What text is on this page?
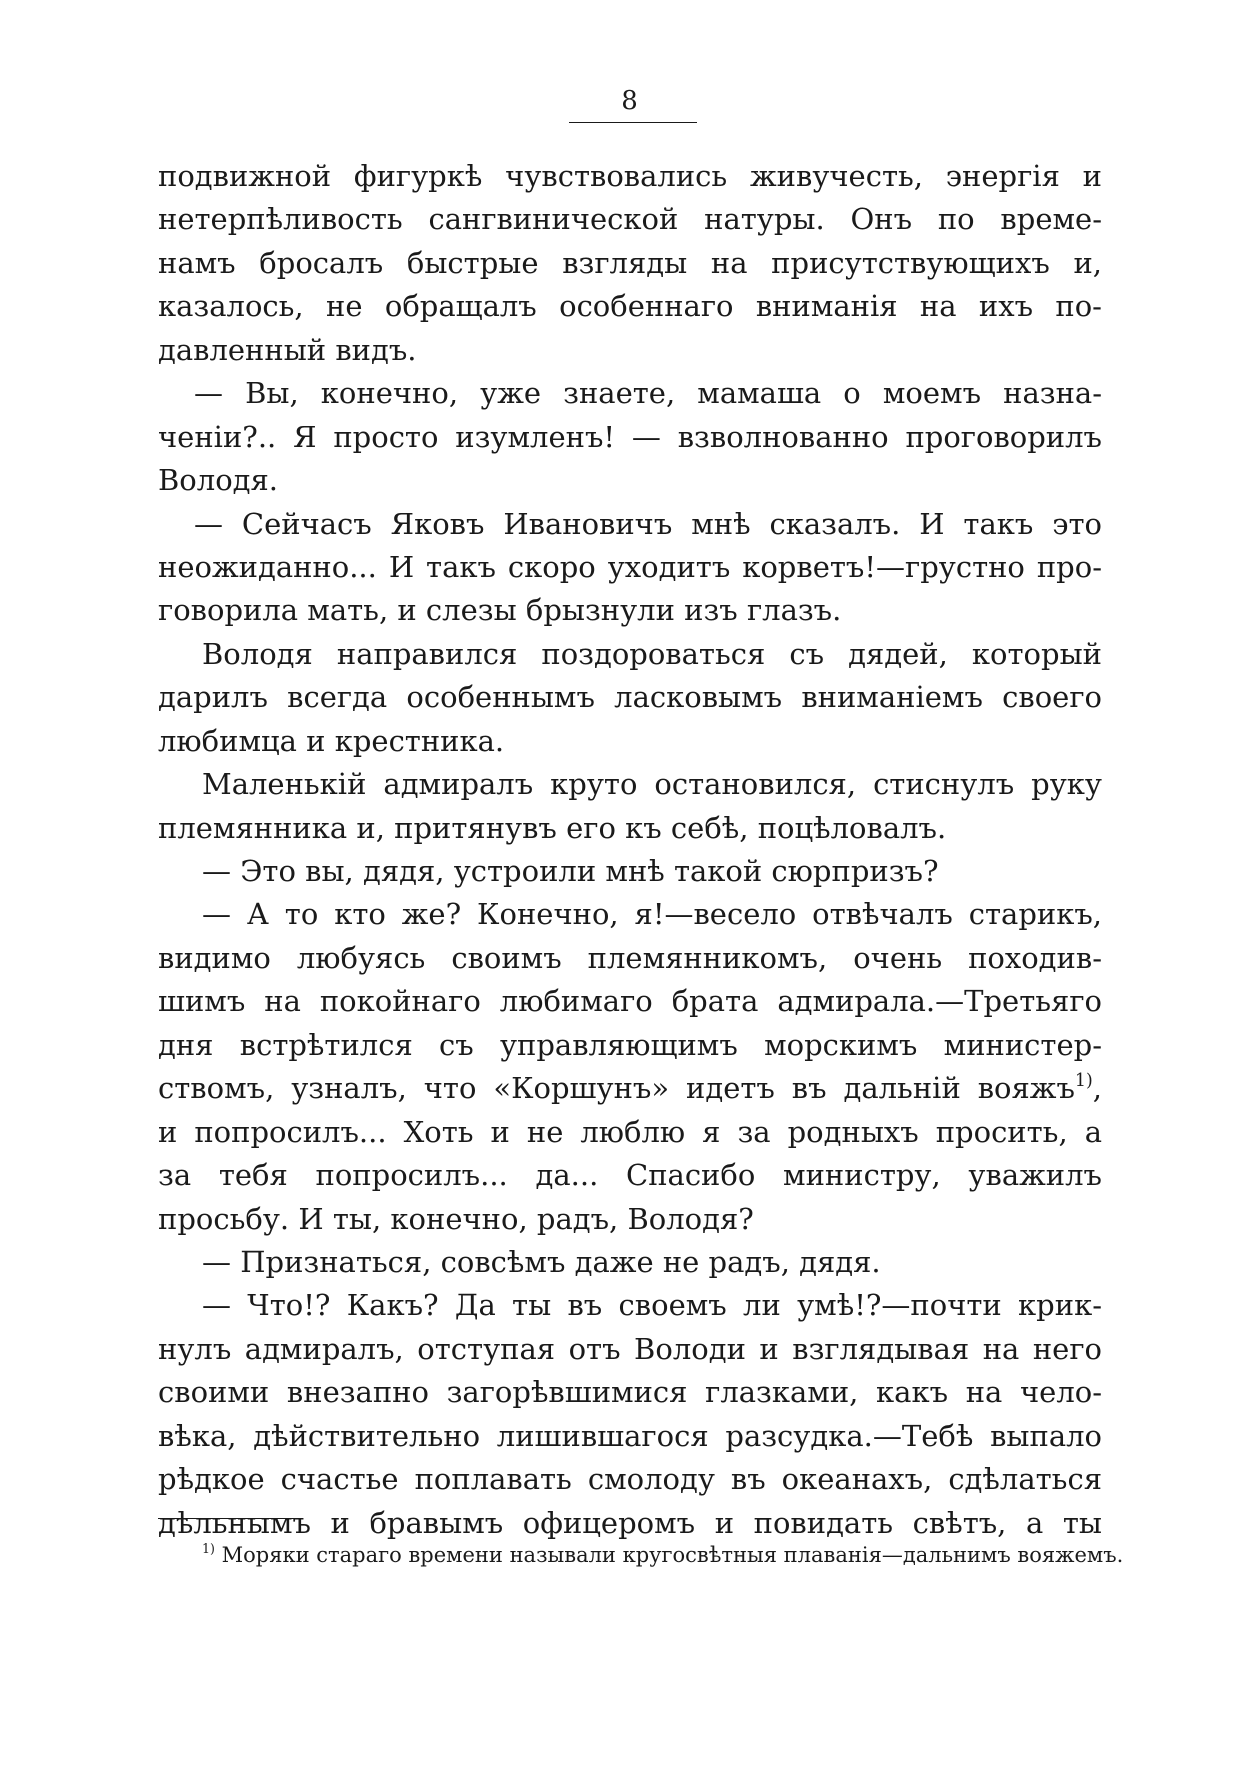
8
подвижной фигуркѣ чувствовались живучесть, энергія и
нетерпѣливость сангвинической натуры. Онъ по време-
намъ бросалъ быстрые взгляды на присутствующихъ и,
казалось, не обращалъ особеннаго вниманія на ихъ по-
давленный видъ.
— Вы, конечно, уже знаете, мамаша о моемъ назна-
ченіи?.. Я просто изумленъ! — взволнованно проговорилъ
Володя.
— Сейчасъ Яковъ Ивановичъ мнѣ сказалъ. И такъ это
неожиданно... И такъ скоро уходитъ корветъ!—грустно про-
говорила мать, и слезы брызнули изъ глазъ.
Володя направился поздороваться съ дядей, который
дарилъ всегда особеннымъ ласковымъ вниманіемъ своего
любимца и крестника.
Маленькій адмиралъ круто остановился, стиснулъ руку
племянника и, притянувъ его къ себѣ, поцѣловалъ.
— Это вы, дядя, устроили мнѣ такой сюрпризъ?
— А то кто же? Конечно, я!—весело отвѣчалъ старикъ,
видимо любуясь своимъ племянникомъ, очень походив-
шимъ на покойнаго любимаго брата адмирала.—Третьяго
дня встрѣтился съ управляющимъ морскимъ министер-
ствомъ, узналъ, что «Коршунъ» идетъ въ дальній вояжъ$^{1)}$,
и попросилъ... Хоть и не люблю я за родныхъ просить, а
за тебя попросилъ... да... Спасибо министру, уважилъ
просьбу. И ты, конечно, радъ, Володя?
— Признаться, совсѣмъ даже не радъ, дядя.
— Что!? Какъ? Да ты въ своемъ ли умѣ!?—почти крик-
нулъ адмиралъ, отступая отъ Володи и взглядывая на него
своими внезапно загорѣвшимися глазками, какъ на чело-
вѣка, дѣйствительно лишившагося разсудка.—Тебѣ выпало
рѣдкое счастье поплавать смолоду въ океанахъ, сдѣлаться
дѣльнымъ и бравымъ офицеромъ и повидать свѣтъ, а ты
$^{1)}$ Моряки стараго времени называли кругосвѣтныя плаванія—дальнимъ вояжемъ.
